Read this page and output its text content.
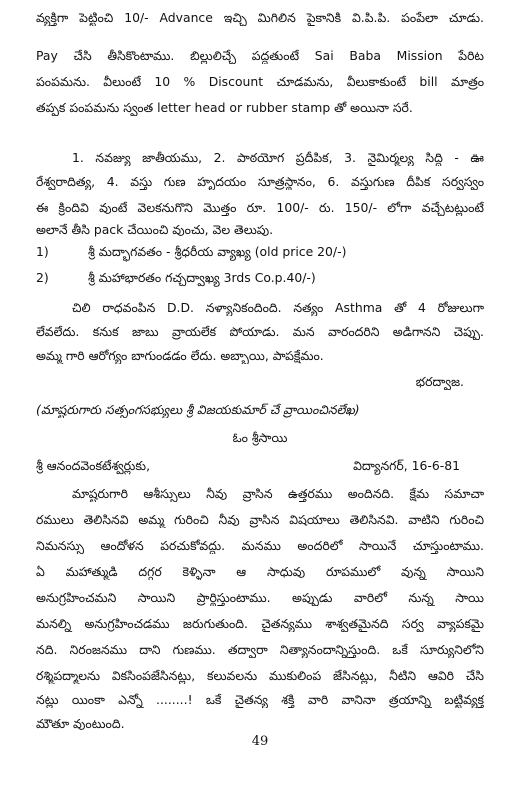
వ్యక్తిగా పెట్టించి 10/- Advance ఇచ్చి మిగిలిన పైకానికి వి.పి.పి. పంపేలా చూడు.
Pay చేసి తీసికొంటాము. బిల్లులిచ్చే పద్ధతుంటే Sai Baba Mission పేరిట
పంపమను. వీలుంటే 10 % Discount చూడమను, వీలుకాకుంటే bill మాత్రం
తప్పక పంపమను స్వంత letter head or rubber stamp తో అయినా సరే.
1. నవజ్యు జాతీయము, 2. పాఠయోగ ప్రదీపిక, 3. నైమిర్మల్య సిద్ధి - ఊ
రేశ్వరాదిత్య, 4. వస్తు గుణ హృదయం సూత్రస్థానం, 6. వస్తుగుణ దీపిక సర్వస్వం
ఈ క్రిందివి వుంటే వెలకనుగొని మొత్తం రూ. 100/- రు. 150/- లోగా వచ్చేటట్లుంటే
అలానే తీసి pack చేయించి వుంచు, వెల తెలుపు.
1)	శ్రీ మద్భాగవతం - శ్రీధరీయ వ్యాఖ్య (old price 20/-)
2)	శ్రీ మహాభారతం గచ్చద్వాఖ్య 3rds Co.p.40/-)
చిలి రాధవంపిన D.D. నళ్యానికందింది. నత్యం Asthma తో 4 రోజులుగా
లేవలేదు. కనుక జాబు వ్రాయలేక పోయాడు. మన వారందరిని అడిగానని చెప్పు.
అమ్మ గారి ఆరోగ్యం బాగుండడం లేదు. అబ్బాయి, పాపక్షేమం.
భరద్వాజ.
(మాష్టరుగారు సత్సంగసభ్యులు శ్రీ విజయకుమార్ చే వ్రాయించినలేఖ)
ఓం శ్రీసాయి
శ్రీ ఆనందవెంకటేశ్వర్లుకు,	విద్యానగర్, 16-6-81
మాష్టరుగారి ఆశీస్సులు నీవు వ్రాసిన ఉత్తరము అందినది. క్షేమ సమాచా
రములు తెలిసినవి అమ్మ గురించి నీవు వ్రాసిన విషయాలు తెలిసినవి. వాటిని గురించి
నిమనస్సు ఆందోళన పరచుకోవద్దు. మనము అందరిలో సాయినే చూస్తుంటాము.
ఏ మహాత్ముడి దగ్గర కెళ్ళినా ఆ సాధువు రూపములో వున్న సాయిని
అనుగ్రహించమని సాయిని ప్రార్థిస్తుంటాము. అప్పుడు వారిలో నున్న సాయి
మనల్ని అనుగ్రహించడము జరుగుతుంది. చైతన్యము శాశ్వతమైనది సర్వ వ్యాపకమై
నది. నిరంజనము దాని గుణము. తద్వారా నిత్యానందాన్నిస్తుంది. ఒకే సూర్యునిలోని
రశ్మిపద్మాలను వికసింపజేసినట్లు, కలువలను ముకులింప జేసినట్లు, నీటిని ఆవిరి చేసి
నట్లు యింకా ఎన్నో ........! ఒకే చైతన్య శక్తి వారి వానినా త్రయాన్ని బట్టివ్యక్త
మౌతూ వుంటుంది.
49
